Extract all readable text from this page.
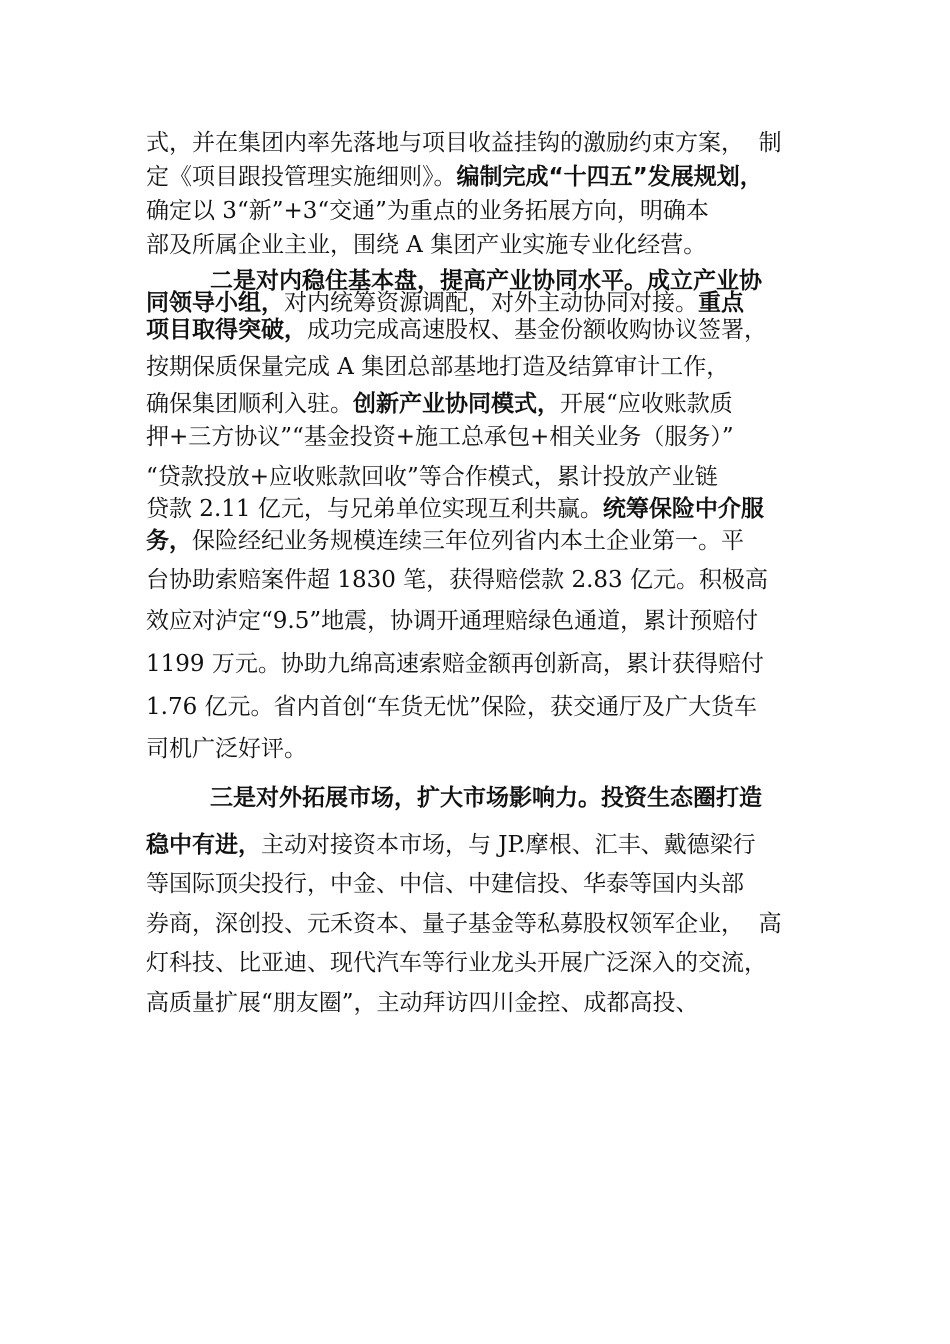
式，并在集团内率先落地与项目收益挂钩的激励约束方案，  制
定《项目跟投管理实施细则》。编制完成“十四五”发展规划，
确定以 3“新”+3“交通”为重点的业务拓展方向，明确本
部及所属企业主业，围绕 A 集团产业实施专业化经营。
二是对内稳住基本盘，提高产业协同水平。成立产业协
同领导小组，对内统筹资源调配，对外主动协同对接。重点
项目取得突破，成功完成高速股权、基金份额收购协议签署，
按期保质保量完成 A 集团总部基地打造及结算审计工作，
确保集团顺利入驻。创新产业协同模式，开展“应收账款质
押+三方协议”“基金投资+施工总承包+相关业务（服务）”
“贷款投放+应收账款回收”等合作模式，累计投放产业链
贷款 2.11 亿元，与兄弟单位实现互利共赢。统筹保险中介服
务，保险经纪业务规模连续三年位列省内本土企业第一。平
台协助索赔案件超 1830 笔，获得赔偿款 2.83 亿元。积极高
效应对泸定“9.5”地震，协调开通理赔绿色通道，累计预赔付
1199 万元。协助九绵高速索赔金额再创新高，累计获得赔付
1.76 亿元。省内首创“车货无忧”保险，获交通厅及广大货车
司机广泛好评。
三是对外拓展市场，扩大市场影响力。投资生态圈打造
稳中有进，主动对接资本市场，与 JP.摩根、汇丰、戴德梁行
等国际顶尖投行，中金、中信、中建信投、华泰等国内头部
券商，深创投、元禾资本、量子基金等私募股权领军企业，  高
灯科技、比亚迪、现代汽车等行业龙头开展广泛深入的交流，
高质量扩展“朋友圈”，主动拜访四川金控、成都高投、
